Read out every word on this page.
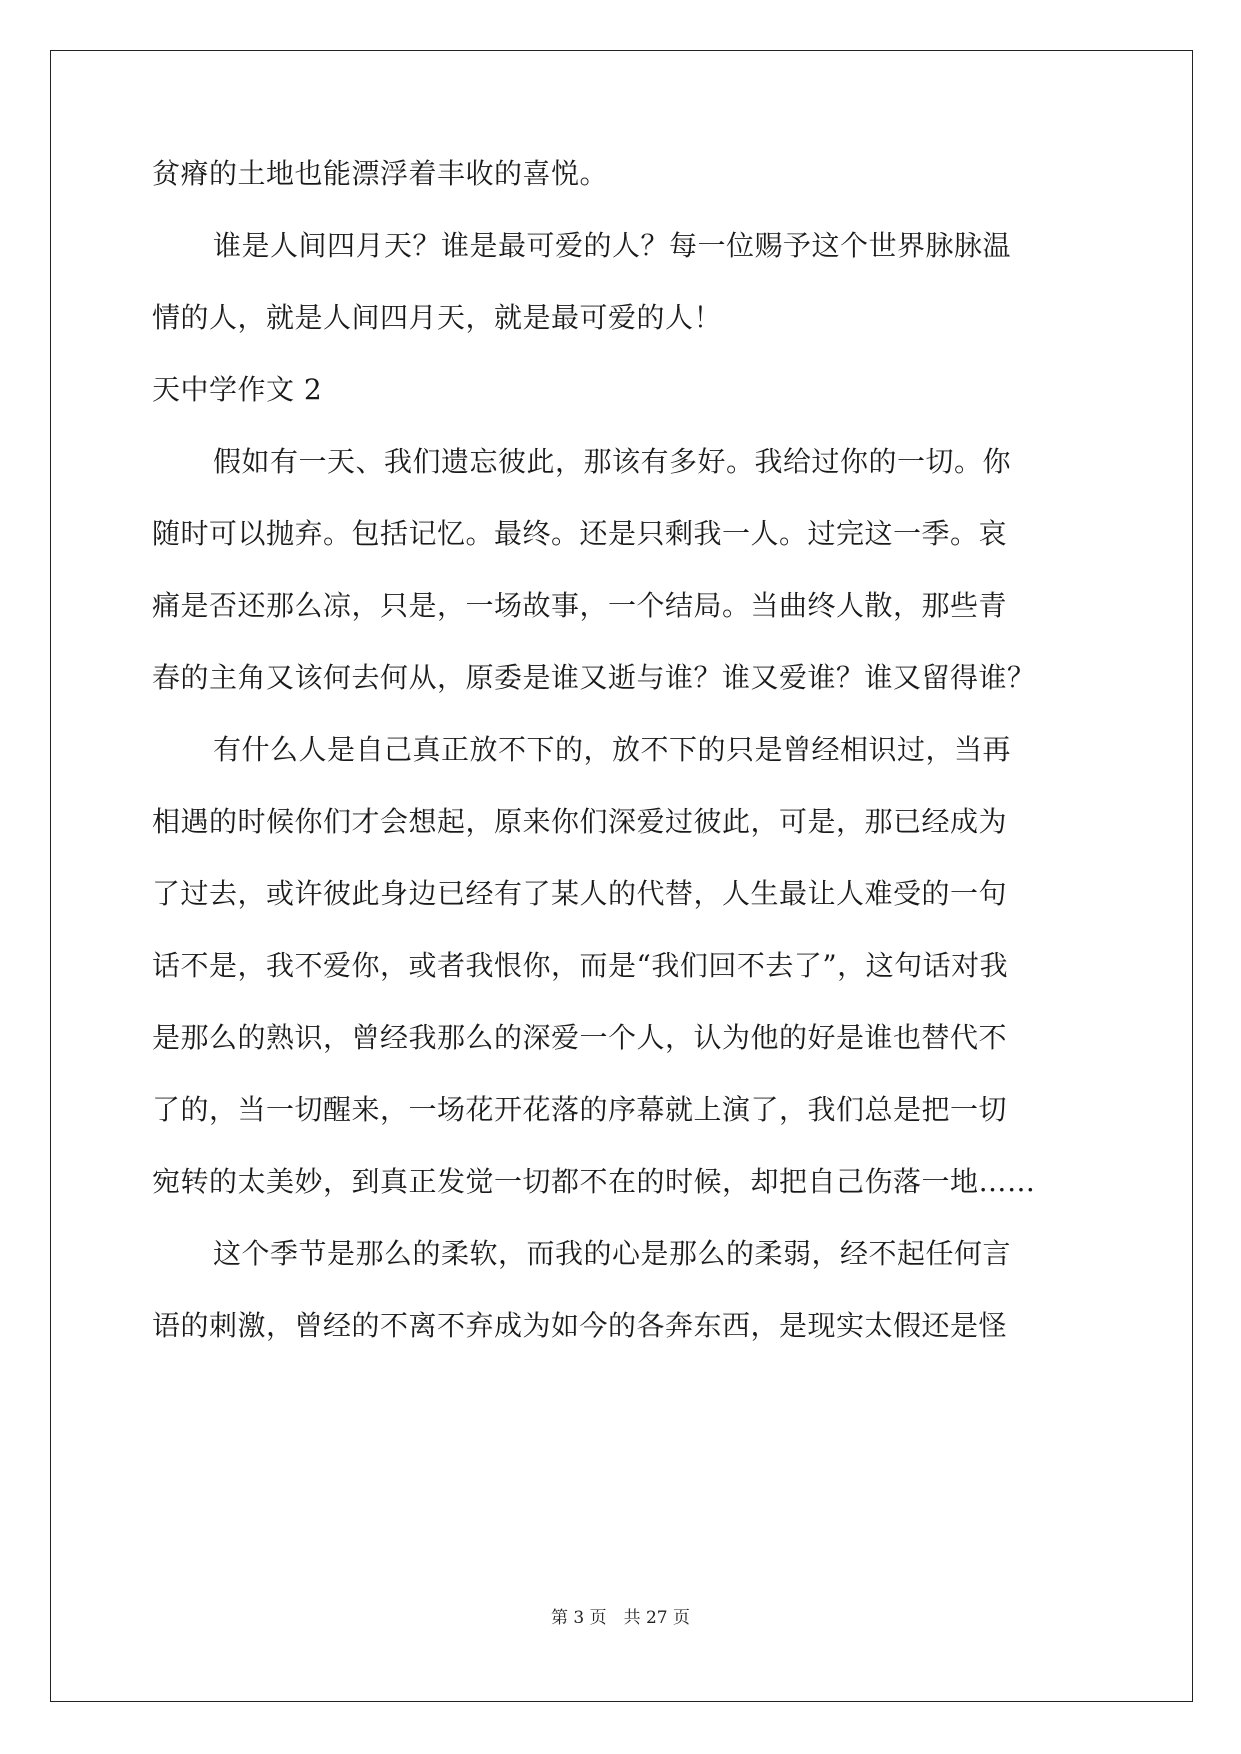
贫瘠的土地也能漂浮着丰收的喜悦。
谁是人间四月天？谁是最可爱的人？每一位赐予这个世界脉脉温
情的人，就是人间四月天，就是最可爱的人！
天中学作文 2
假如有一天、我们遗忘彼此，那该有多好。我给过你的一切。你
随时可以抛弃。包括记忆。最终。还是只剩我一人。过完这一季。哀
痛是否还那么凉，只是，一场故事，一个结局。当曲终人散，那些青
春的主角又该何去何从，原委是谁又逝与谁？谁又爱谁？谁又留得谁？
有什么人是自己真正放不下的，放不下的只是曾经相识过，当再
相遇的时候你们才会想起，原来你们深爱过彼此，可是，那已经成为
了过去，或许彼此身边已经有了某人的代替，人生最让人难受的一句
话不是，我不爱你，或者我恨你，而是“我们回不去了”，这句话对我
是那么的熟识，曾经我那么的深爱一个人，认为他的好是谁也替代不
了的，当一切醒来，一场花开花落的序幕就上演了，我们总是把一切
宛转的太美妙，到真正发觉一切都不在的时候，却把自己伤落一地……
这个季节是那么的柔软，而我的心是那么的柔弱，经不起任何言
语的刺激，曾经的不离不弃成为如今的各奔东西，是现实太假还是怪
第 3 页　共 27 页
